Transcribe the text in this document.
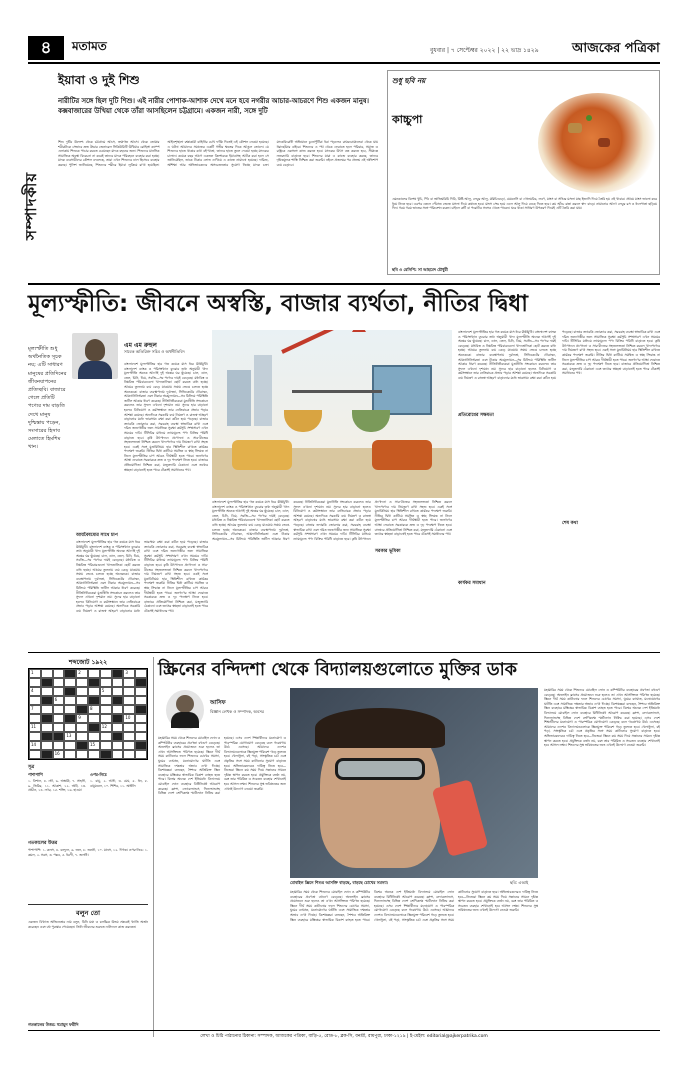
৪	মতামত	বুধবার | ৭ সেপ্টেম্বর ২০২২ | ২২ ভাদ্র ১৪২৯	আজকের পত্রিকা
সম্পাদকীয়
ইয়াবা ও দুই শিশু
নারীটির সঙ্গে ছিল দুটি শিশু। এই নারীর পোশাক-আশাক দেখে মনে হবে নগরীর আচার-আচরণে শিশু একজন মানুষ। কক্সবাজারের উখিয়া থেকে তাঁরা আসছিলেন চট্টগ্রামে। একজন নারী, সঙ্গে দুটি
শিশু দুটির উদ্দেশ্য থেকে চট্টগ্রামে আসে, ক্রমাগত আসে। থেকে তোমার শরীরটাকে সেভাবে দ্রুত উদ্ধার জেনারেল সিকিউরিটি উখিয়ার রোহিঙ্গা ক্যাম্প এলাকায় শিশুকে পাচার করতে চেয়েছেন মাদক বহনের জন্য। শিশুদের মানসিক সামাজিক অবস্থা বিবেচনা না করেই তাদের মাদক পরিবহনে ব্যবহার করা হচ্ছে। মাদক ব্যবসায়ীদের কৌশল বদলেছে, তারা এখন শিশুদের ঢাল হিসেবে ব্যবহার করছে। পুলিশ জানিয়েছে, শিশুদের শরীরে ইয়াবা লুকিয়ে রাখা হয়েছিল। আইনশৃঙ্খলা রক্ষাকারী বাহিনীর চোখ ফাঁকি দিতেই এই কৌশল নেওয়া হয়েছে। এ ঘটনা আমাদের সমাজের একটি গভীর ক্ষতের দিকে আঙুল তোলে। যে শিশুদের হাতে থাকার কথা বই-খাতা, তাদের হাতে তুলে দেওয়া হচ্ছে মাদকের চালান। কয়েক বছর আগে একজন কিশোরকে ইয়াবাসহ আটক করা হলে সে জানিয়েছিল, তাকে টাকার লোভ দেখিয়ে এ কাজে নামানো হয়েছে। দারিদ্র্য, অশিক্ষা আর অভিভাবকদের অসচেতনতার সুযোগ নিচ্ছে মাদক চক্র। মাদকবিরোধী অভিযানে চুনোপুঁটিরা ধরা পড়লেও রাঘববোয়ালেরা থেকে যায় ধরাছোঁয়ার বাইরে। শিশুদের এ পথ থেকে ফেরাতে হলে পরিবার, সমাজ ও রাষ্ট্রকে একসঙ্গে কাজ করতে হবে। মাদকের উৎস বন্ধ করতে হবে, সীমান্তে নজরদারি বাড়াতে হবে। শিশুদের যারা এ কাজে ব্যবহার করছে, তাদের দৃষ্টান্তমূলক শাস্তি নিশ্চিত করা জরুরি। নইলে প্রজন্মের পর প্রজন্ম এই অভিশাপ বয়ে বেড়াবে।
শুধু ছবি নয়
কাচ্চুপা
এমনকালের বিশেষ খুচি, পিঠ বা ভাজিঘরিয়ি দিয়ি, মিষ্টি আলু, লেবুর আলু, মরিচিগুড়ো, মেয়নেসি বা গোলমরিচ, লবণ, মাংস বা সব্জির মসলা মাছ ইত্যাদি দিয়ে তৈরি হয় এই খাবার। প্রথমে মাংস ভালো করে ধুয়ে নিতে হবে। এরপর তেলে পেঁয়াজ ভেজে মসলা দিয়ে কষাতে হবে। মাংস সেদ্ধ হয়ে এলে আলু দিয়ে ঢেকে দিতে হবে। কম আঁচে রান্না করলে স্বাদ বাড়ে। নামানোর আগে লেবুর রস ও ধনেপাতা ছড়িয়ে দিন। গরম গরম ভাতের সঙ্গে পরিবেশন করুন। চাইলে রুটি বা পরোটার সঙ্গেও খেতে পারেন। ঘরে থাকা সাধারণ উপকরণ দিয়েই এটি তৈরি করা যায়।
ছবি ও রেসিপি: সা আহমেদ চৌধুরী
মূল্যস্ফীতি: জীবনে অস্বস্তি, বাজার ব্যর্থতা, নীতির দ্বিধা
এম এম রুহুল
সাবেক অতিরিক্ত সচিব ও অর্থনীতিবিদ
মূল্যস্ফীতি শুধু অর্থনৈতিক সূচক নয়; এটি সাধারণ মানুষের প্রতিদিনের জীবনযাপনের প্রতিচ্ছবি। বাজারে গেলে প্রতিটি পণ্যের দাম বাড়তি দেখে মানুষ দুশ্চিন্তায় পড়েন, সংসারের হিসাব মেলাতে হিমশিম খান।
বাংলাদেশে মূল্যস্ফীতির হার গত কয়েক মাস ধরে ঊর্ধ্বমুখী। বাংলাদেশ ব্যাংক ও পরিসংখ্যান ব্যুরোর তথ্য অনুযায়ী খাদ্য মূল্যস্ফীতি অনেক আগেই দুই অঙ্কের ঘর ছুঁয়েছে। চাল, ডাল, তেল, চিনি, ডিম, সবজি—সব পণ্যের দামই বেড়েছে। মধ্যবিত্ত ও নিম্নবিত্ত পরিবারগুলো খাদ্যতালিকা ছোট করতে বাধ্য হচ্ছে। আয়ের তুলনায় ব্যয় বেড়ে যাওয়ায় সঞ্চয় ভেঙে চলতে হচ্ছে অনেককে। বাজার ব্যবস্থাপনায় দুর্বলতা, সিন্ডিকেটের দৌরাত্ম্য, আমদানিনির্ভরতা এবং টাকার অবমূল্যায়ন—সব মিলিয়ে পরিস্থিতি জটিল আকার ধারণ করেছে। নীতিনির্ধারকেরা মুদ্রানীতি সংকোচন করলেও তার সুফল এখনো দৃশ্যমান নয়। সুদের হার বাড়ানো হলেও বিনিয়োগ ও কর্মসংস্থানে তার নেতিবাচক প্রভাব পড়ার আশঙ্কা রয়েছে। অন্যদিকে সরকারি ব্যয় নিয়ন্ত্রণ ও রাজস্ব আহরণ বাড়ানোর মধ্যে ভারসাম্য রক্ষা করা কঠিন হয়ে পড়েছে। বাজার তদারকি জোরদার করা, সরবরাহ ব্যবস্থা স্বাভাবিক রাখা এবং দরিদ্র জনগোষ্ঠীর জন্য সামাজিক সুরক্ষা কর্মসূচি সম্প্রসারণ এখন সময়ের দাবি। টিসিবির মাধ্যমে ন্যায্যমূল্যে পণ্য বিক্রির পরিধি বাড়াতে হবে। কৃষি উৎপাদনে প্রণোদনা ও সার-বীজের সহজলভ্যতা নিশ্চিত করলে খাদ্যপণ্যের দাম নিয়ন্ত্রণে রাখা সহজ হবে। একই সঙ্গে মুদ্রাবিনিময় হার স্থিতিশীল রাখতে কার্যকর পদক্ষেপ জরুরি। নীতির দ্বিধা কাটিয়ে সমন্বিত ও স্বচ্ছ সিদ্ধান্ত না নিলে মূল্যস্ফীতির চাপ আরও দীর্ঘস্থায়ী হতে পারে। জনগণের আস্থা ফেরাতে সরকারকে দ্রুত ও দৃঢ় পদক্ষেপ নিতে হবে। বাজারে প্রতিযোগিতা নিশ্চিত করা, মজুতদারি ঠেকানো এবং তথ্যের স্বচ্ছতা বাড়ানোই হতে পারে টেকসই সমাধানের পথ।
আয়বৈষম্যের সাথে চাপ
বাংলাদেশে মূল্যস্ফীতির হার গত কয়েক মাস ধরে ঊর্ধ্বমুখী। বাংলাদেশ ব্যাংক ও পরিসংখ্যান ব্যুরোর তথ্য অনুযায়ী খাদ্য মূল্যস্ফীতি অনেক আগেই দুই অঙ্কের ঘর ছুঁয়েছে। চাল, ডাল, তেল, চিনি, ডিম, সবজি—সব পণ্যের দামই বেড়েছে। মধ্যবিত্ত ও নিম্নবিত্ত পরিবারগুলো খাদ্যতালিকা ছোট করতে বাধ্য হচ্ছে। আয়ের তুলনায় ব্যয় বেড়ে যাওয়ায় সঞ্চয় ভেঙে চলতে হচ্ছে অনেককে। বাজার ব্যবস্থাপনায় দুর্বলতা, সিন্ডিকেটের দৌরাত্ম্য, আমদানিনির্ভরতা এবং টাকার অবমূল্যায়ন—সব মিলিয়ে পরিস্থিতি জটিল আকার ধারণ করেছে। নীতিনির্ধারকেরা মুদ্রানীতি সংকোচন করলেও তার সুফল এখনো দৃশ্যমান নয়। সুদের হার বাড়ানো হলেও বিনিয়োগ ও কর্মসংস্থানে তার নেতিবাচক প্রভাব পড়ার আশঙ্কা রয়েছে। অন্যদিকে সরকারি ব্যয় নিয়ন্ত্রণ ও রাজস্ব আহরণ বাড়ানোর মধ্যে ভারসাম্য রক্ষা করা কঠিন হয়ে পড়েছে। বাজার তদারকি জোরদার করা, সরবরাহ ব্যবস্থা স্বাভাবিক রাখা এবং দরিদ্র জনগোষ্ঠীর জন্য সামাজিক সুরক্ষা কর্মসূচি সম্প্রসারণ এখন সময়ের দাবি। টিসিবির মাধ্যমে ন্যায্যমূল্যে পণ্য বিক্রির পরিধি বাড়াতে হবে। কৃষি উৎপাদনে প্রণোদনা ও সার-বীজের সহজলভ্যতা নিশ্চিত করলে খাদ্যপণ্যের দাম নিয়ন্ত্রণে রাখা সহজ হবে। একই সঙ্গে মুদ্রাবিনিময় হার স্থিতিশীল রাখতে কার্যকর পদক্ষেপ জরুরি। নীতির দ্বিধা কাটিয়ে সমন্বিত ও স্বচ্ছ সিদ্ধান্ত না নিলে মূল্যস্ফীতির চাপ আরও দীর্ঘস্থায়ী হতে পারে। জনগণের আস্থা ফেরাতে সরকারকে দ্রুত ও দৃঢ় পদক্ষেপ নিতে হবে। বাজারে প্রতিযোগিতা নিশ্চিত করা, মজুতদারি ঠেকানো এবং তথ্যের স্বচ্ছতা বাড়ানোই হতে পারে টেকসই সমাধানের পথ।
বাংলাদেশে মূল্যস্ফীতির হার গত কয়েক মাস ধরে ঊর্ধ্বমুখী। বাংলাদেশ ব্যাংক ও পরিসংখ্যান ব্যুরোর তথ্য অনুযায়ী খাদ্য মূল্যস্ফীতি অনেক আগেই দুই অঙ্কের ঘর ছুঁয়েছে। চাল, ডাল, তেল, চিনি, ডিম, সবজি—সব পণ্যের দামই বেড়েছে। মধ্যবিত্ত ও নিম্নবিত্ত পরিবারগুলো খাদ্যতালিকা ছোট করতে বাধ্য হচ্ছে। আয়ের তুলনায় ব্যয় বেড়ে যাওয়ায় সঞ্চয় ভেঙে চলতে হচ্ছে অনেককে। বাজার ব্যবস্থাপনায় দুর্বলতা, সিন্ডিকেটের দৌরাত্ম্য, আমদানিনির্ভরতা এবং টাকার অবমূল্যায়ন—সব মিলিয়ে পরিস্থিতি জটিল আকার ধারণ করেছে। নীতিনির্ধারকেরা মুদ্রানীতি সংকোচন করলেও তার সুফল এখনো দৃশ্যমান নয়। সুদের হার বাড়ানো হলেও বিনিয়োগ ও কর্মসংস্থানে তার নেতিবাচক প্রভাব পড়ার আশঙ্কা রয়েছে। অন্যদিকে সরকারি ব্যয় নিয়ন্ত্রণ ও রাজস্ব আহরণ বাড়ানোর মধ্যে ভারসাম্য রক্ষা করা কঠিন হয়ে পড়েছে। বাজার তদারকি জোরদার করা, সরবরাহ ব্যবস্থা স্বাভাবিক রাখা এবং দরিদ্র জনগোষ্ঠীর জন্য সামাজিক সুরক্ষা কর্মসূচি সম্প্রসারণ এখন সময়ের দাবি। টিসিবির মাধ্যমে ন্যায্যমূল্যে পণ্য বিক্রির পরিধি বাড়াতে হবে। কৃষি উৎপাদনে প্রণোদনা ও সার-বীজের সহজলভ্যতা নিশ্চিত করলে খাদ্যপণ্যের দাম নিয়ন্ত্রণে রাখা সহজ হবে। একই সঙ্গে মুদ্রাবিনিময় হার স্থিতিশীল রাখতে কার্যকর পদক্ষেপ জরুরি। নীতির দ্বিধা কাটিয়ে সমন্বিত ও স্বচ্ছ সিদ্ধান্ত না নিলে মূল্যস্ফীতির চাপ আরও দীর্ঘস্থায়ী হতে পারে। জনগণের আস্থা ফেরাতে সরকারকে দ্রুত ও দৃঢ় পদক্ষেপ নিতে হবে। বাজারে প্রতিযোগিতা নিশ্চিত করা, মজুতদারি ঠেকানো এবং তথ্যের স্বচ্ছতা বাড়ানোই হতে পারে টেকসই সমাধানের পথ।
সরকার ভূমিকা
বাংলাদেশে মূল্যস্ফীতির হার গত কয়েক মাস ধরে ঊর্ধ্বমুখী। বাংলাদেশ ব্যাংক ও পরিসংখ্যান ব্যুরোর তথ্য অনুযায়ী খাদ্য মূল্যস্ফীতি অনেক আগেই দুই অঙ্কের ঘর ছুঁয়েছে। চাল, ডাল, তেল, চিনি, ডিম, সবজি—সব পণ্যের দামই বেড়েছে। মধ্যবিত্ত ও নিম্নবিত্ত পরিবারগুলো খাদ্যতালিকা ছোট করতে বাধ্য হচ্ছে। আয়ের তুলনায় ব্যয় বেড়ে যাওয়ায় সঞ্চয় ভেঙে চলতে হচ্ছে অনেককে। বাজার ব্যবস্থাপনায় দুর্বলতা, সিন্ডিকেটের দৌরাত্ম্য, আমদানিনির্ভরতা এবং টাকার অবমূল্যায়ন—সব মিলিয়ে পরিস্থিতি জটিল আকার ধারণ করেছে। নীতিনির্ধারকেরা মুদ্রানীতি সংকোচন করলেও তার সুফল এখনো দৃশ্যমান নয়। সুদের হার বাড়ানো হলেও বিনিয়োগ ও কর্মসংস্থানে তার নেতিবাচক প্রভাব পড়ার আশঙ্কা রয়েছে। অন্যদিকে সরকারি ব্যয় নিয়ন্ত্রণ ও রাজস্ব আহরণ বাড়ানোর মধ্যে ভারসাম্য রক্ষা করা কঠিন হয়ে পড়েছে। বাজার তদারকি জোরদার করা, সরবরাহ ব্যবস্থা স্বাভাবিক রাখা এবং দরিদ্র জনগোষ্ঠীর জন্য সামাজিক সুরক্ষা কর্মসূচি সম্প্রসারণ এখন সময়ের দাবি। টিসিবির মাধ্যমে ন্যায্যমূল্যে পণ্য বিক্রির পরিধি বাড়াতে হবে। কৃষি উৎপাদনে প্রণোদনা ও সার-বীজের সহজলভ্যতা নিশ্চিত করলে খাদ্যপণ্যের দাম নিয়ন্ত্রণে রাখা সহজ হবে। একই সঙ্গে মুদ্রাবিনিময় হার স্থিতিশীল রাখতে কার্যকর পদক্ষেপ জরুরি। নীতির দ্বিধা কাটিয়ে সমন্বিত ও স্বচ্ছ সিদ্ধান্ত না নিলে মূল্যস্ফীতির চাপ আরও দীর্ঘস্থায়ী হতে পারে। জনগণের আস্থা ফেরাতে সরকারকে দ্রুত ও দৃঢ় পদক্ষেপ নিতে হবে। বাজারে প্রতিযোগিতা নিশ্চিত করা, মজুতদারি ঠেকানো এবং তথ্যের স্বচ্ছতা বাড়ানোই হতে পারে টেকসই সমাধানের পথ।
প্রতিরোধের সক্ষমতা
কার্যকর সমাধান
শেষ কথা
শব্দজোট ১৯২২
1	2	3
4	5
6
7	8
9	10
11	12
13
14	15
16
সূত্র
পাশাপাশি
১. বিশাল, ৪. নদী, ৬. অস্থায়ী, ৭. সাহসী, ৯. তিমির, ১১. আকাশ, ১২. অগ্নি, ১৩. প্রাচীন, ১৪. নগর, ১৫. শক্তি, ১৬. হাওয়া
ওপর-নিচে
১. বায়ু, ২. আদি, ৩. মেঘ, ৫. ধন, ৮. বায়ুমণ্ডল, ১০. শিশির, ১১. অঞ্জলি
গতকালের উত্তর
পাশাপাশি: ১. কলস, ৪. বনফুল, ৬. জল, ৮. জননী, ১০. মানস, ১২. দিগন্ত। ওপর-নিচে: ১. কমল, ২. সরস, ৩. পল্লব, ৫. ধরণী, ৭. জলধি।
বলুন তো
একজন বিখ্যাত অভিনেতার নাম বলুন, যিনি মঞ্চ ও চলচ্চিত্র উভয় ক্ষেত্রেই খ্যাতি অর্জন করেছেন এবং বহু পুরস্কার পেয়েছেন। তিনি জীবনের শুরুতে নাট্যদলে কাজ করতেন।
গতকালের উত্তর: হুমায়ূন ফরীদি
স্ক্রিনের বন্দিদশা থেকে বিদ্যালয়গুলোতে মুক্তির ডাক
আসিফ
বিজ্ঞান লেখক ও সম্পাদক, অবসর
মোবাইল স্ক্রিনে শিশুর আসক্তি বাড়ছে, বাড়ছে চোখের সমস্যা।	ছবি: এআই
মহামারির সময় থেকে শিশুদের মোবাইল ফোন ও কম্পিউটার ব্যবহারের প্রবণতা বহুগুণ বেড়েছে। অনলাইন ক্লাসের প্রয়োজনে শুরু হলেও তা এখন আসক্তিতে পরিণত হয়েছে। স্ক্রিনে দীর্ঘ সময় কাটানোর ফলে শিশুদের চোখের সমস্যা, ঘুমের ব্যাঘাত, মনোযোগের ঘাটতি এবং সামাজিক দক্ষতার অভাব দেখা দিচ্ছে। বিশেষজ্ঞরা বলছেন, শৈশবে অতিরিক্ত স্ক্রিন ব্যবহারে মস্তিষ্কের স্বাভাবিক বিকাশ ব্যাহত হতে পারে। বিশ্বের অনেক দেশ ইতিমধ্যে বিদ্যালয়ে মোবাইল ফোন ব্যবহারে বিধিনিষেধ আরোপ করেছে। ফ্রান্স, নেদারল্যান্ডস, ফিনল্যান্ডসহ বিভিন্ন দেশে শ্রেণিকক্ষে স্মার্টফোন নিষিদ্ধ করা হয়েছে। এসব দেশে শিক্ষার্থীদের মনোযোগ ও পারস্পরিক যোগাযোগ বেড়েছে বলে গবেষণায় উঠে এসেছে। আমাদের দেশেও বিদ্যালয়গুলোকে স্ক্রিনমুক্ত পরিবেশ গড়ে তুলতে হবে। খেলাধুলা, বই পড়া, সাংস্কৃতিক চর্চা এবং প্রকৃতির সঙ্গে সময় কাটানোর সুযোগ বাড়াতে হবে। অভিভাবকদেরও দায়িত্ব নিতে হবে—নিজেরা স্ক্রিনে কম সময় দিয়ে সন্তানের সামনে দৃষ্টান্ত স্থাপন করতে হবে। প্রযুক্তিকে বর্জন নয়, বরং তার পরিমিত ও সচেতন ব্যবহার শেখানোই হবে আসল লক্ষ্য। শিশুদের সুস্থ ভবিষ্যতের জন্য এখনই উদ্যোগ নেওয়া জরুরি।
মহামারির সময় থেকে শিশুদের মোবাইল ফোন ও কম্পিউটার ব্যবহারের প্রবণতা বহুগুণ বেড়েছে। অনলাইন ক্লাসের প্রয়োজনে শুরু হলেও তা এখন আসক্তিতে পরিণত হয়েছে। স্ক্রিনে দীর্ঘ সময় কাটানোর ফলে শিশুদের চোখের সমস্যা, ঘুমের ব্যাঘাত, মনোযোগের ঘাটতি এবং সামাজিক দক্ষতার অভাব দেখা দিচ্ছে। বিশেষজ্ঞরা বলছেন, শৈশবে অতিরিক্ত স্ক্রিন ব্যবহারে মস্তিষ্কের স্বাভাবিক বিকাশ ব্যাহত হতে পারে। বিশ্বের অনেক দেশ ইতিমধ্যে বিদ্যালয়ে মোবাইল ফোন ব্যবহারে বিধিনিষেধ আরোপ করেছে। ফ্রান্স, নেদারল্যান্ডস, ফিনল্যান্ডসহ বিভিন্ন দেশে শ্রেণিকক্ষে স্মার্টফোন নিষিদ্ধ করা হয়েছে। এসব দেশে শিক্ষার্থীদের মনোযোগ ও পারস্পরিক যোগাযোগ বেড়েছে বলে গবেষণায় উঠে এসেছে। আমাদের দেশেও বিদ্যালয়গুলোকে স্ক্রিনমুক্ত পরিবেশ গড়ে তুলতে হবে। খেলাধুলা, বই পড়া, সাংস্কৃতিক চর্চা এবং প্রকৃতির সঙ্গে সময় কাটানোর সুযোগ বাড়াতে হবে। অভিভাবকদেরও দায়িত্ব নিতে হবে—নিজেরা স্ক্রিনে কম সময় দিয়ে সন্তানের সামনে দৃষ্টান্ত স্থাপন করতে হবে। প্রযুক্তিকে বর্জন নয়, বরং তার পরিমিত ও সচেতন ব্যবহার শেখানোই হবে আসল লক্ষ্য। শিশুদের সুস্থ ভবিষ্যতের জন্য এখনই উদ্যোগ নেওয়া জরুরি।
মহামারির সময় থেকে শিশুদের মোবাইল ফোন ও কম্পিউটার ব্যবহারের প্রবণতা বহুগুণ বেড়েছে। অনলাইন ক্লাসের প্রয়োজনে শুরু হলেও তা এখন আসক্তিতে পরিণত হয়েছে। স্ক্রিনে দীর্ঘ সময় কাটানোর ফলে শিশুদের চোখের সমস্যা, ঘুমের ব্যাঘাত, মনোযোগের ঘাটতি এবং সামাজিক দক্ষতার অভাব দেখা দিচ্ছে। বিশেষজ্ঞরা বলছেন, শৈশবে অতিরিক্ত স্ক্রিন ব্যবহারে মস্তিষ্কের স্বাভাবিক বিকাশ ব্যাহত হতে পারে। বিশ্বের অনেক দেশ ইতিমধ্যে বিদ্যালয়ে মোবাইল ফোন ব্যবহারে বিধিনিষেধ আরোপ করেছে। ফ্রান্স, নেদারল্যান্ডস, ফিনল্যান্ডসহ বিভিন্ন দেশে শ্রেণিকক্ষে স্মার্টফোন নিষিদ্ধ করা হয়েছে। এসব দেশে শিক্ষার্থীদের মনোযোগ ও পারস্পরিক যোগাযোগ বেড়েছে বলে গবেষণায় উঠে এসেছে। আমাদের দেশেও বিদ্যালয়গুলোকে স্ক্রিনমুক্ত পরিবেশ গড়ে তুলতে হবে। খেলাধুলা, বই পড়া, সাংস্কৃতিক চর্চা এবং প্রকৃতির সঙ্গে সময় কাটানোর সুযোগ বাড়াতে হবে। অভিভাবকদেরও দায়িত্ব নিতে হবে—নিজেরা স্ক্রিনে কম সময় দিয়ে সন্তানের সামনে দৃষ্টান্ত স্থাপন করতে হবে। প্রযুক্তিকে বর্জন নয়, বরং তার পরিমিত ও সচেতন ব্যবহার শেখানোই হবে আসল লক্ষ্য। শিশুদের সুস্থ ভবিষ্যতের জন্য এখনই উদ্যোগ নেওয়া জরুরি।
লেখা ও চিঠি পাঠানোর ঠিকানা: সম্পাদক, আজকের পত্রিকা, বাড়ি-৫, রোড-৮, ব্লক-সি, বনশ্রী, রামপুরা, ঢাকা-১২১৯ | ই-মেইল: editorial@ajkerpatrika.com
